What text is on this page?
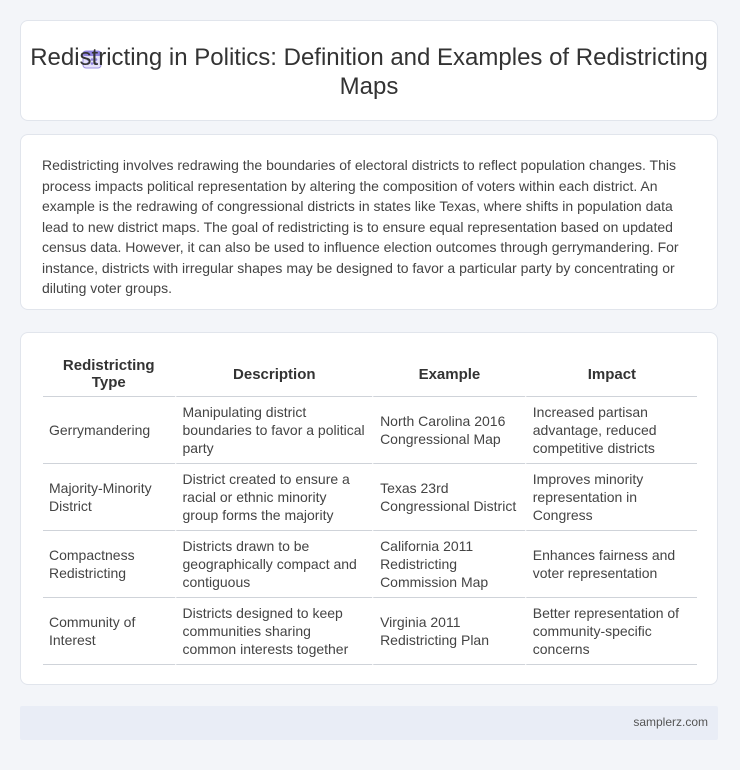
Redistricting in Politics: Definition and Examples of Redistricting Maps
Redistricting involves redrawing the boundaries of electoral districts to reflect population changes. This process impacts political representation by altering the composition of voters within each district. An example is the redrawing of congressional districts in states like Texas, where shifts in population data lead to new district maps. The goal of redistricting is to ensure equal representation based on updated census data. However, it can also be used to influence election outcomes through gerrymandering. For instance, districts with irregular shapes may be designed to favor a particular party by concentrating or diluting voter groups.
Redistricting Type	Description	Example	Impact
Gerrymandering	Manipulating district boundaries to favor a political party	North Carolina 2016 Congressional Map	Increased partisan advantage, reduced competitive districts
Majority-Minority District	District created to ensure a racial or ethnic minority group forms the majority	Texas 23rd Congressional District	Improves minority representation in Congress
Compactness Redistricting	Districts drawn to be geographically compact and contiguous	California 2011 Redistricting Commission Map	Enhances fairness and voter representation
Community of Interest	Districts designed to keep communities sharing common interests together	Virginia 2011 Redistricting Plan	Better representation of community-specific concerns
samplerz.com
